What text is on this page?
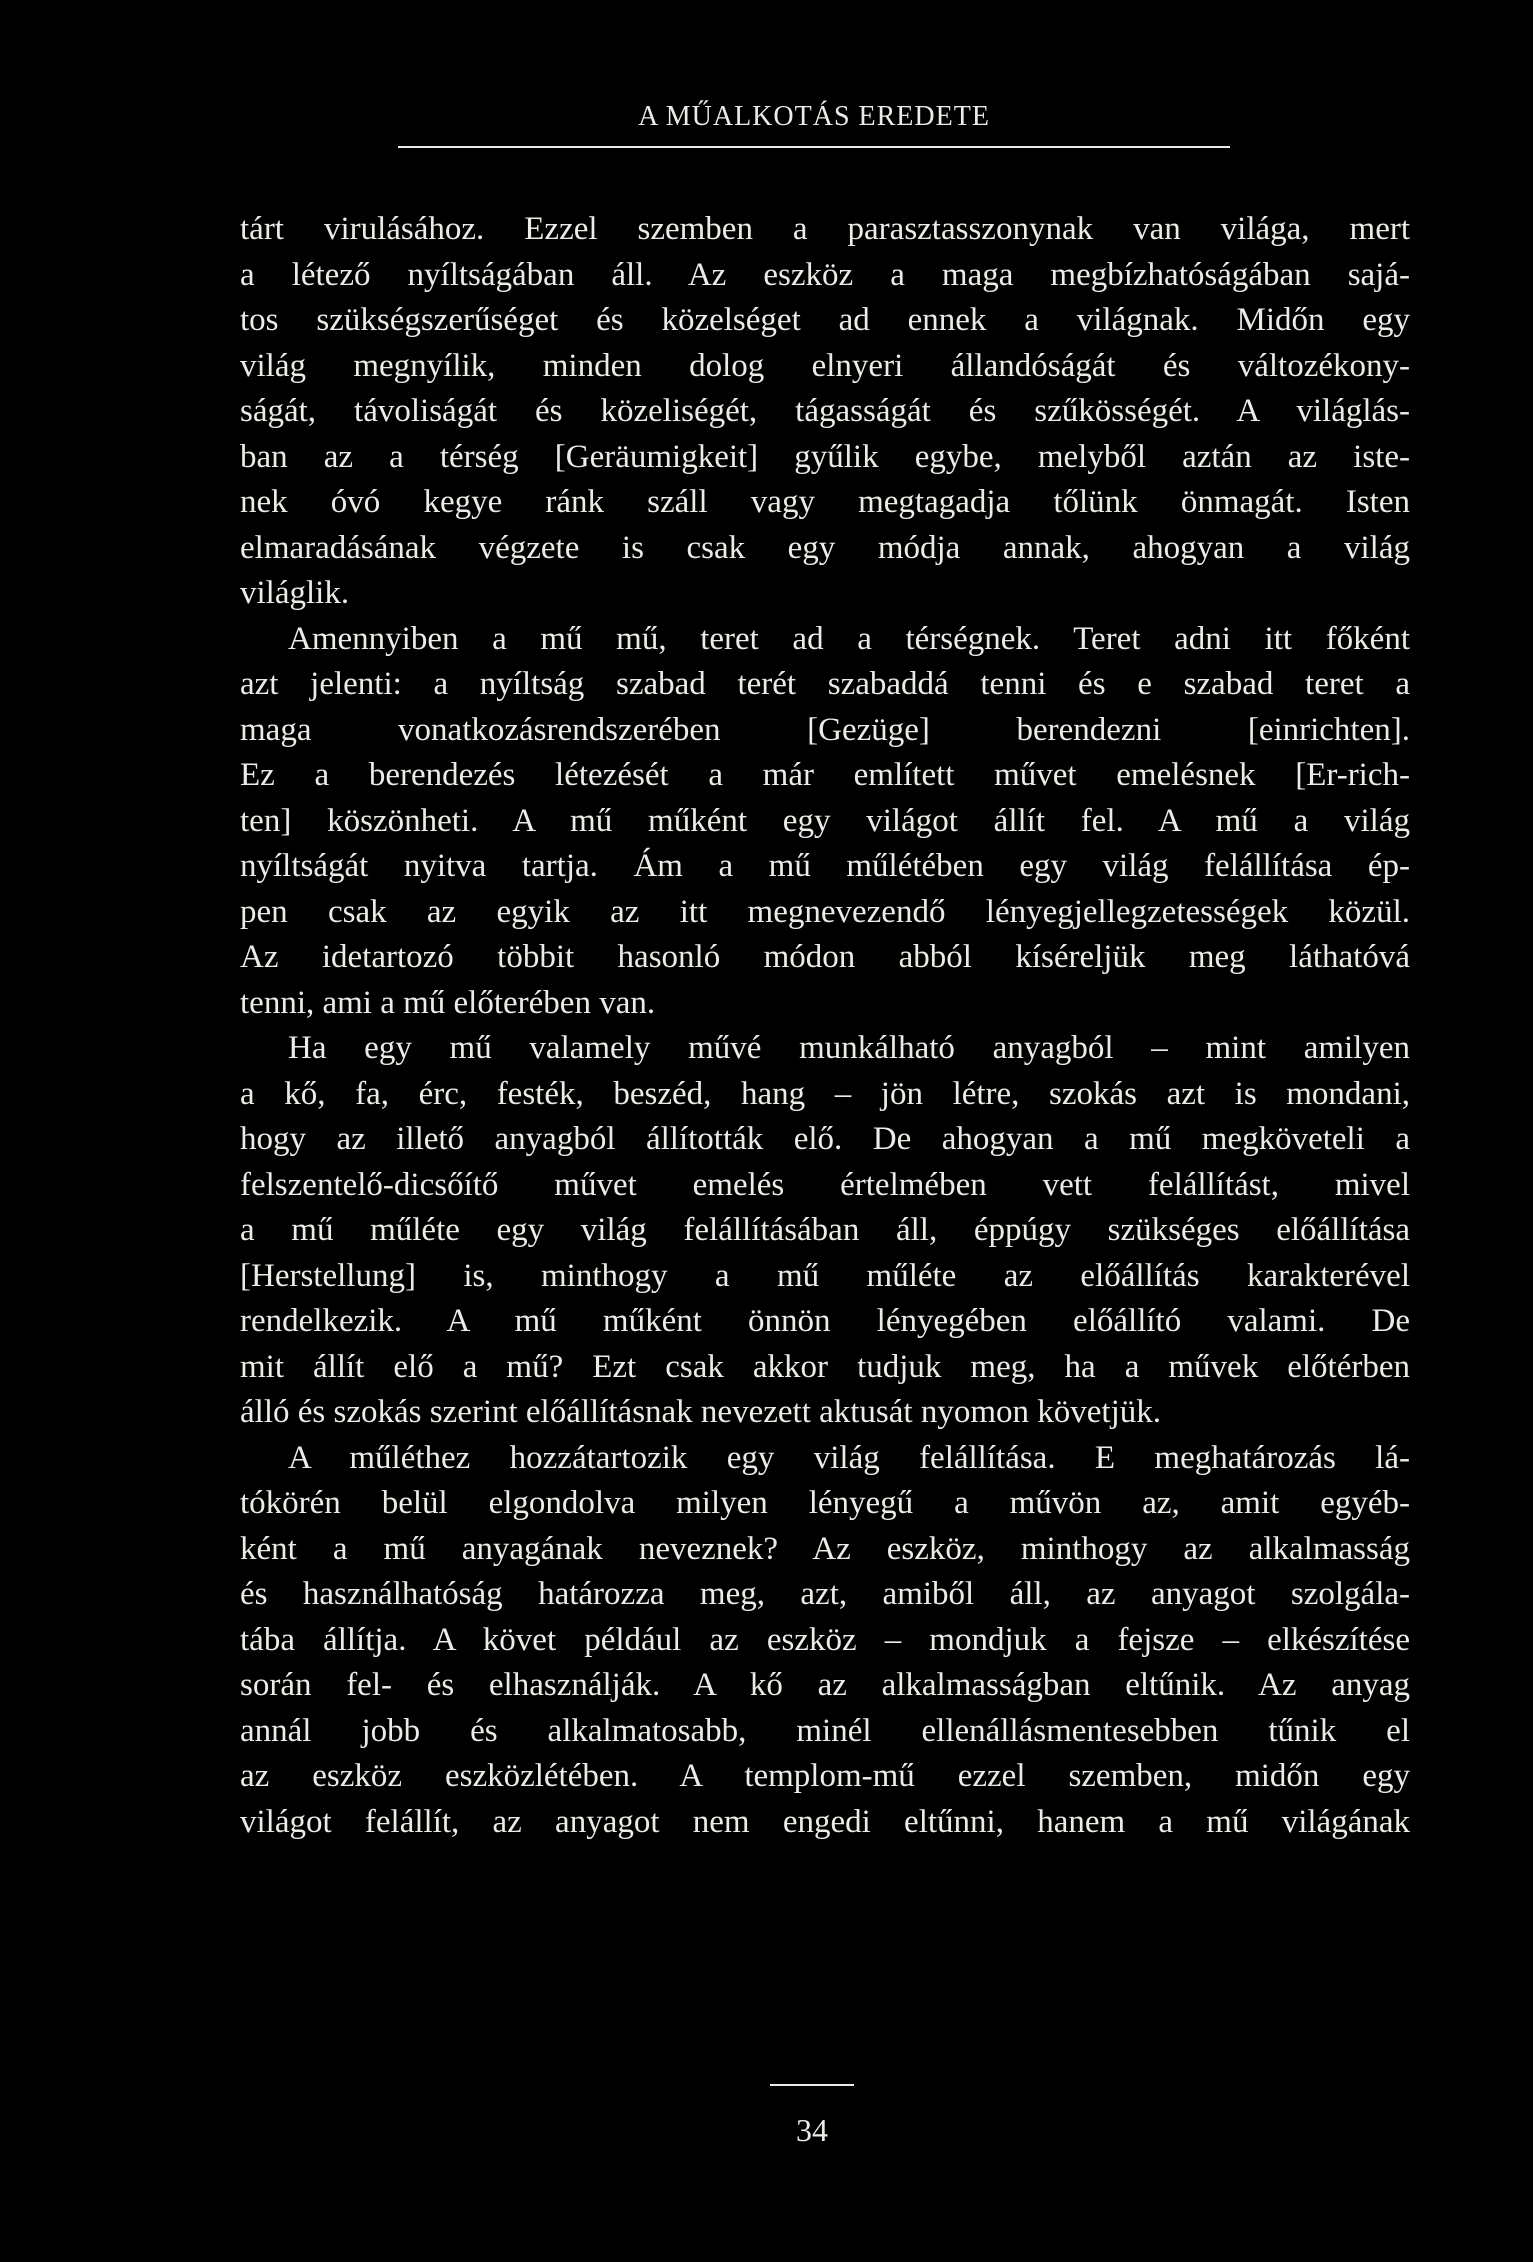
A MŰALKOTÁS EREDETE
tárt virulásához. Ezzel szemben a parasztasszonynak van világa, mert
a létező nyíltságában áll. Az eszköz a maga megbízhatóságában sajá-
tos szükségszerűséget és közelséget ad ennek a világnak. Midőn egy
világ megnyílik, minden dolog elnyeri állandóságát és változékony-
ságát, távoliságát és közeliségét, tágasságát és szűkösségét. A világlás-
ban az a térség [Geräumigkeit] gyűlik egybe, melyből aztán az iste-
nek óvó kegye ránk száll vagy megtagadja tőlünk önmagát. Isten
elmaradásának végzete is csak egy módja annak, ahogyan a világ
világlik.
Amennyiben a mű mű, teret ad a térségnek. Teret adni itt főként
azt jelenti: a nyíltság szabad terét szabaddá tenni és e szabad teret a
maga vonatkozásrendszerében [Gezüge] berendezni [einrichten].
Ez a berendezés létezését a már említett művet emelésnek [Er-rich-
ten] köszönheti. A mű műként egy világot állít fel. A mű a világ
nyíltságát nyitva tartja. Ám a mű műlétében egy világ felállítása ép-
pen csak az egyik az itt megnevezendő lényegjellegzetességek közül.
Az idetartozó többit hasonló módon abból kíséreljük meg láthatóvá
tenni, ami a mű előterében van.
Ha egy mű valamely művé munkálható anyagból – mint amilyen
a kő, fa, érc, festék, beszéd, hang – jön létre, szokás azt is mondani,
hogy az illető anyagból állították elő. De ahogyan a mű megköveteli a
felszentelő-dicsőítő művet emelés értelmében vett felállítást, mivel
a mű műléte egy világ felállításában áll, éppúgy szükséges előállítása
[Herstellung] is, minthogy a mű műléte az előállítás karakterével
rendelkezik. A mű műként önnön lényegében előállító valami. De
mit állít elő a mű? Ezt csak akkor tudjuk meg, ha a művek előtérben
álló és szokás szerint előállításnak nevezett aktusát nyomon követjük.
A műléthez hozzátartozik egy világ felállítása. E meghatározás lá-
tókörén belül elgondolva milyen lényegű a művön az, amit egyéb-
ként a mű anyagának neveznek? Az eszköz, minthogy az alkalmasság
és használhatóság határozza meg, azt, amiből áll, az anyagot szolgála-
tába állítja. A követ például az eszköz – mondjuk a fejsze – elkészítése
során fel- és elhasználják. A kő az alkalmasságban eltűnik. Az anyag
annál jobb és alkalmatosabb, minél ellenállásmentesebben tűnik el
az eszköz eszközlétében. A templom-mű ezzel szemben, midőn egy
világot felállít, az anyagot nem engedi eltűnni, hanem a mű világának
34
